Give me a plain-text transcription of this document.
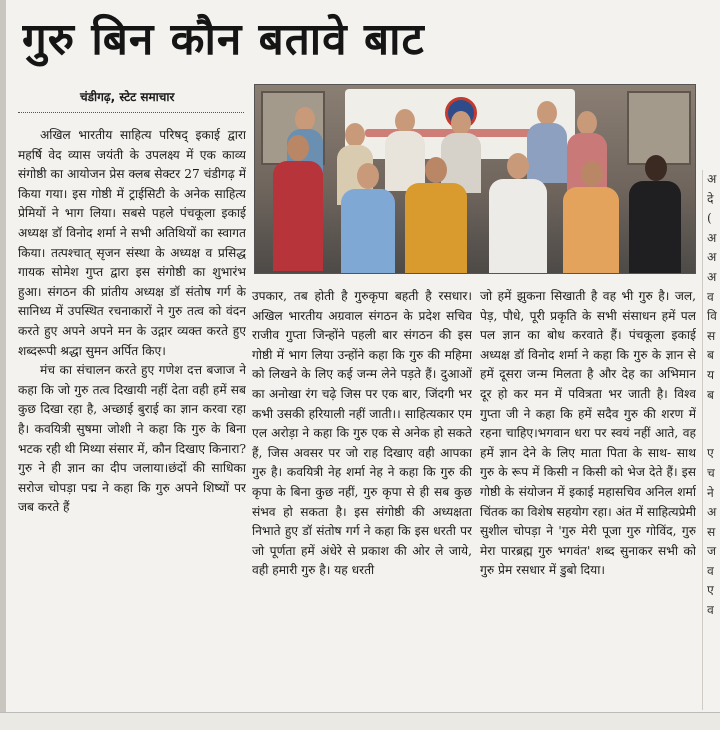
गुरु बिन कौन बतावे बाट
चंडीगढ़, स्टेट समाचार

अखिल भारतीय साहित्य परिषद् इकाई द्वारा महर्षि वेद व्यास जयंती के उपलक्ष्य में एक काव्य संगोष्ठी का आयोजन प्रेस क्लब सेक्टर 27 चंडीगढ़ में किया गया। इस गोष्ठी में ट्राईसिटी के अनेक साहित्य प्रेमियों ने भाग लिया। सबसे पहले पंचकूला इकाई अध्यक्ष डॉ विनोद शर्मा ने सभी अतिथियों का स्वागत किया। तत्पश्चात् सृजन संस्था के अध्यक्ष व प्रसिद्ध गायक सोमेश गुप्त द्वारा इस संगोष्ठी का शुभारंभ हुआ। संगठन की प्रांतीय अध्यक्ष डॉ संतोष गर्ग के सानिध्य में उपस्थित रचनाकारों ने गुरु तत्व को वंदन करते हुए अपने अपने मन के उद्गार व्यक्त करते हुए शब्दरूपी श्रद्धा सुमन अर्पित किए।

मंच का संचालन करते हुए गणेश दत्त बजाज ने कहा कि जो गुरु तत्व दिखायी नहीं देता वही हमें सब कुछ दिखा रहा है, अच्छाई बुराई का ज्ञान करवा रहा है। कवयित्री सुषमा जोशी ने कहा कि गुरु के बिना भटक रही थी मिथ्या संसार में, कौन दिखाए किनारा? गुरु ने ही ज्ञान का दीप जलाया।छंदों की साधिका सरोज चोपड़ा पद्म ने कहा कि गुरु अपने शिष्यों पर जब करते हैं

उपकार, तब होती है गुरुकृपा बहती है रसधार। अखिल भारतीय अग्रवाल संगठन के प्रदेश सचिव राजीव गुप्ता जिन्होंने पहली बार संगठन की इस गोष्ठी में भाग लिया उन्होंने कहा कि गुरु की महिमा को लिखने के लिए कई जन्म लेने पड़ते हैं। दुआओं का अनोखा रंग चढ़े जिस पर एक बार, जिंदगी भर कभी उसकी हरियाली नहीं जाती।। साहित्यकार एम एल अरोड़ा ने कहा कि गुरु एक से अनेक हो सकते हैं, जिस अवसर पर जो राह दिखाए वही आपका गुरु है। कवयित्री नेह शर्मा नेह ने कहा कि गुरु की कृपा के बिना कुछ नहीं, गुरु कृपा से ही सब कुछ संभव हो सकता है। इस संगोष्ठी की अध्यक्षता निभाते हुए डॉ संतोष गर्ग ने कहा कि इस धरती पर जो पूर्णता हमें अंधेरे से प्रकाश की ओर ले जाये, वही हमारी गुरु है। यह धरती

जो हमें झुकना सिखाती है वह भी गुरु है। जल, पेड़, पौधे, पूरी प्रकृति के सभी संसाधन हमें पल पल ज्ञान का बोध करवाते हैं। पंचकूला इकाई अध्यक्ष डॉ विनोद शर्मा ने कहा कि गुरु के ज्ञान से हमें दूसरा जन्म मिलता है और देह का अभिमान दूर हो कर मन में पवित्रता भर जाती है। विश्व गुप्ता जी ने कहा कि हमें सदैव गुरु की शरण में रहना चाहिए।भगवान धरा पर स्वयं नहीं आते, वह हमें ज्ञान देने के लिए माता पिता के साथ- साथ गुरु के रूप में किसी न किसी को भेज देते हैं। इस गोष्ठी के संयोजन में इकाई महासचिव अनिल शर्मा चिंतक का विशेष सहयोग रहा। अंत में साहित्यप्रेमी सुशील चोपड़ा ने 'गुरु मेरी पूजा गुरु गोविंद, गुरु मेरा पारब्रह्म गुरु भगवंत' शब्द सुनाकर सभी को गुरु प्रेम रसधार में डुबो दिया।

अ
दे
(
अ
अ
अ
व
वि
स
ब
य
ब

ए
च
ने
अ
स
ज
व
ए
व
